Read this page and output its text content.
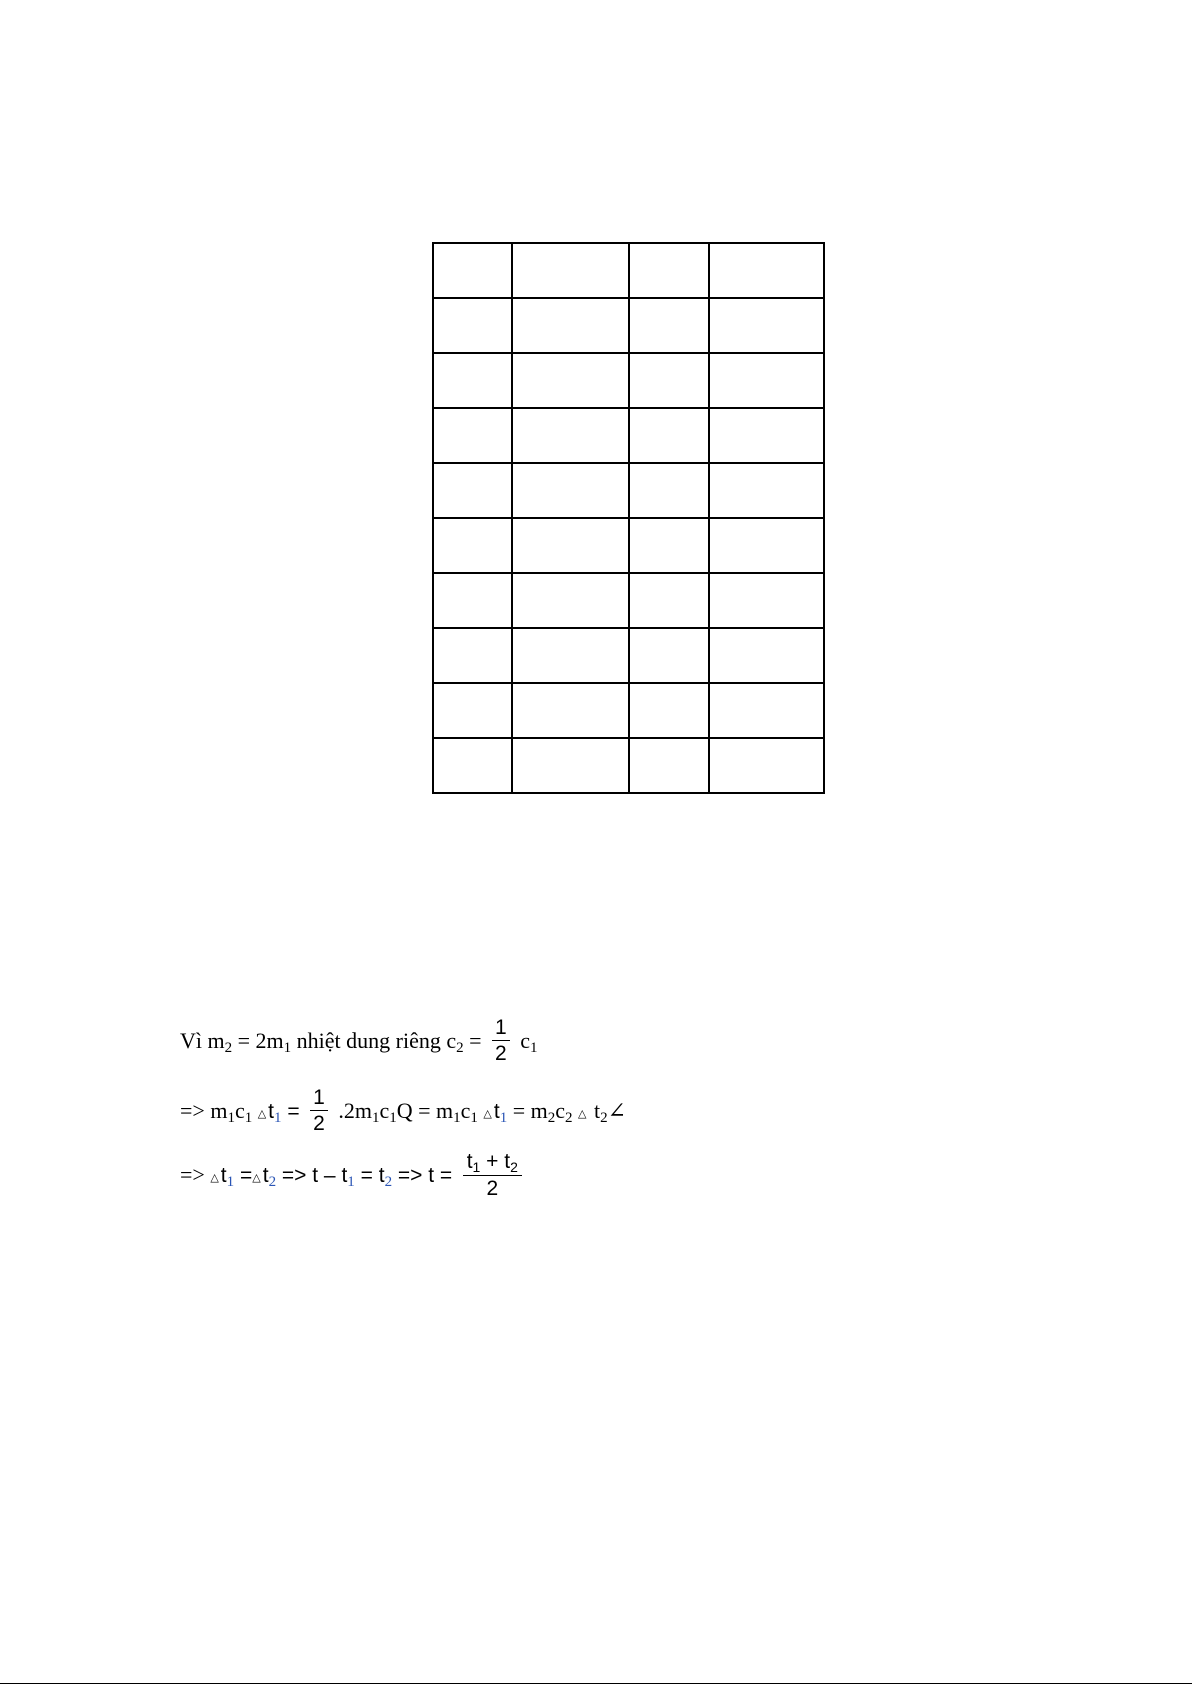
Vì $m_2 = 2m_1$ nhiệt dung riêng $c_2 = \frac{1}{2} c_1$
=> $m_1c_1$ $\triangle t_1 = \frac{1}{2} .2m_1c_1Q = m_1c_1$ $\triangle t_1 = m_2c_2$ △ $t_2\angle$
=> $\triangle t_1$ $=\triangle t_2 => t - t_1 = t_2 => t = \frac{t_1 + t_2}{2}$
